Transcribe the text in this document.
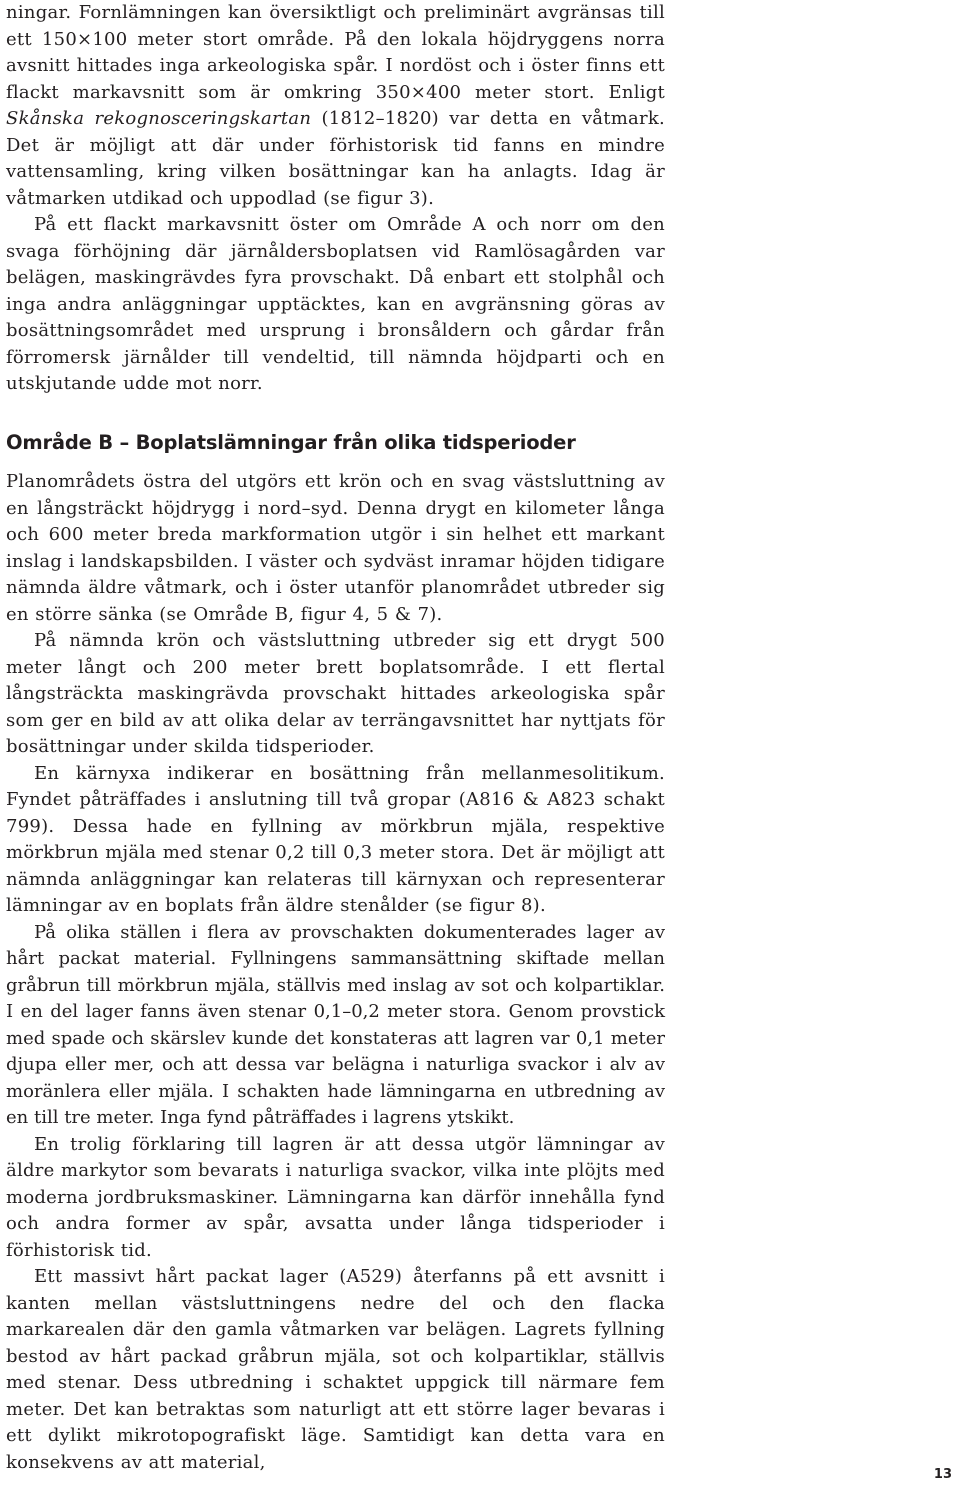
ningar. Fornlämningen kan översiktligt och preliminärt avgränsas till ett 150×100 meter stort område. På den lokala höjdryggens norra avsnitt hittades inga arkeologiska spår. I nordöst och i öster finns ett flackt markavsnitt som är omkring 350×400 meter stort. Enligt Skånska rekognosceringskartan (1812–1820) var detta en våtmark. Det är möjligt att där under förhistorisk tid fanns en mindre vattensamling, kring vilken bosättningar kan ha anlagts. Idag är våtmarken utdikad och uppodlad (se figur 3).

På ett flackt markavsnitt öster om Område A och norr om den svaga förhöjning där järnåldersboplatsen vid Ramlösagården var belägen, maskingrävdes fyra provschakt. Då enbart ett stolphål och inga andra anläggningar upptäcktes, kan en avgränsning göras av bosättningsområdet med ursprung i bronsåldern och gårdar från förromersk järnålder till vendeltid, till nämnda höjdparti och en utskjutande udde mot norr.

Område B – Boplatslämningar från olika tidsperioder

Planområdets östra del utgörs ett krön och en svag västsluttning av en långsträckt höjdrygg i nord–syd. Denna drygt en kilometer långa och 600 meter breda markformation utgör i sin helhet ett markant inslag i landskapsbilden. I väster och sydväst inramar höjden tidigare nämnda äldre våtmark, och i öster utanför planområdet utbreder sig en större sänka (se Område B, figur 4, 5 & 7).

På nämnda krön och västsluttning utbreder sig ett drygt 500 meter långt och 200 meter brett boplatsområde. I ett flertal långsträckta maskingrävda provschakt hittades arkeologiska spår som ger en bild av att olika delar av terrängavsnittet har nyttjats för bosättningar under skilda tidsperioder.

En kärnyxa indikerar en bosättning från mellanmesolitikum. Fyndet påträffades i anslutning till två gropar (A816 & A823 schakt 799). Dessa hade en fyllning av mörkbrun mjäla, respektive mörkbrun mjäla med stenar 0,2 till 0,3 meter stora. Det är möjligt att nämnda anläggningar kan relateras till kärnyxan och representerar lämningar av en boplats från äldre stenålder (se figur 8).

På olika ställen i flera av provschakten dokumenterades lager av hårt packat material. Fyllningens sammansättning skiftade mellan gråbrun till mörkbrun mjäla, ställvis med inslag av sot och kolpartiklar. I en del lager fanns även stenar 0,1–0,2 meter stora. Genom provstick med spade och skärslev kunde det konstateras att lagren var 0,1 meter djupa eller mer, och att dessa var belägna i naturliga svackor i alv av moränlera eller mjäla. I schakten hade lämningarna en utbredning av en till tre meter. Inga fynd påträffades i lagrens ytskikt.

En trolig förklaring till lagren är att dessa utgör lämningar av äldre markytor som bevarats i naturliga svackor, vilka inte plöjts med moderna jordbruksmaskiner. Lämningarna kan därför innehålla fynd och andra former av spår, avsatta under långa tidsperioder i förhistorisk tid.

Ett massivt hårt packat lager (A529) återfanns på ett avsnitt i kanten mellan västsluttningens nedre del och den flacka markarealen där den gamla våtmarken var belägen. Lagrets fyllning bestod av hårt packad gråbrun mjäla, sot och kolpartiklar, ställvis med stenar. Dess utbredning i schaktet uppgick till närmare fem meter. Det kan betraktas som naturligt att ett större lager bevaras i ett dylikt mikrotopografiskt läge. Samtidigt kan detta vara en konsekvens av att material,

13
